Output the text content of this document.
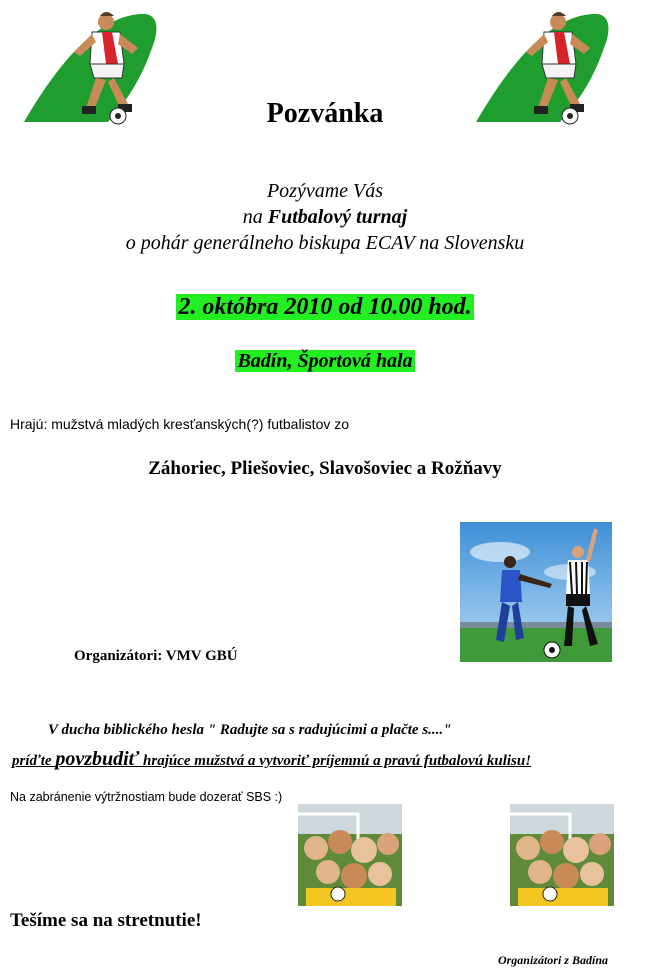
Pozvánka
Pozývame Vás
na Futbalový turnaj
o pohár generálneho biskupa ECAV na Slovensku
2. októbra 2010 od 10.00 hod.
Badín, Športová hala
Hrajú: mužstvá mladých kresťanských(?) futbalistov zo
Záhoriec, Pliešoviec, Slavošoviec a Rožňavy
Organizátori: VMV GBÚ
V ducha biblického hesla " Radujte sa s radujúcimi a plačte s...."
príďte povzbudiť hrajúce mužstvá a vytvoriť príjemnú a pravú futbalovú kulisu!
Na zabránenie výtržnostiam bude dozerať SBS :)
Tešíme sa na stretnutie!
Organizátori z Badína
